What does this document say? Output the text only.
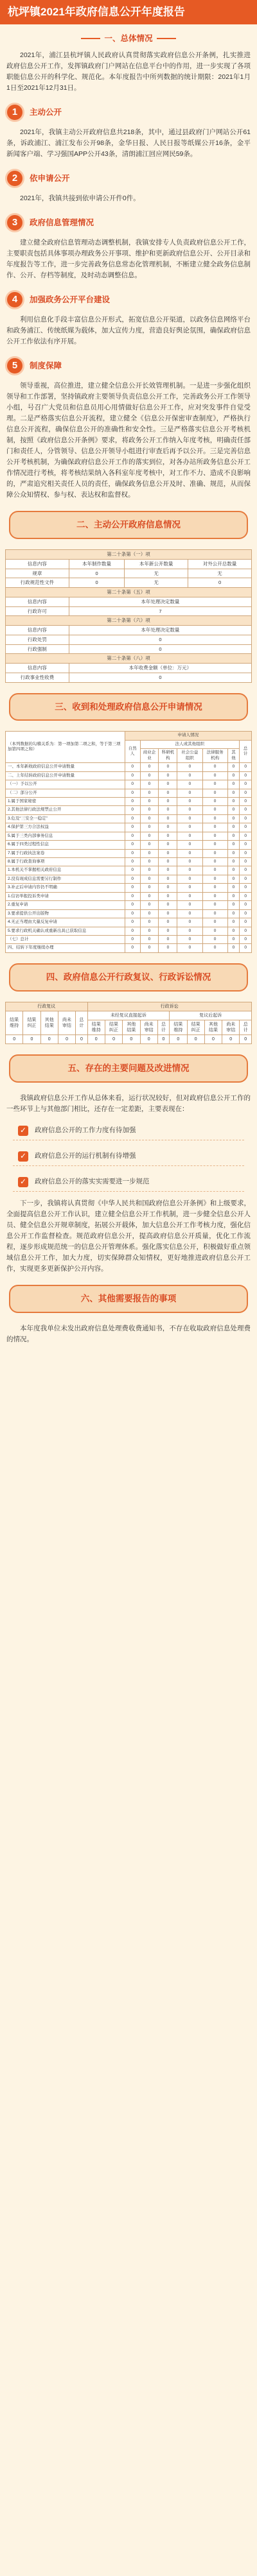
杭坪镇2021年政府信息公开年度报告
一、总体情况

2021年，浦江县杭坪镇人民政府认真贯彻落实政府信息公开条例，扎实推进政府信息公开工作，发挥镇政府门户网站在信息平台中的作用，进一步实现了各项职能信息公开的科学化、规范化。本年度报告中所列数据的统计期限：2021年1月1日至2021年12月31日。

1	主动公开

2021年，我镇主动公开政府信息共218条，其中，通过县政府门户网站公开61条，诉政浦江、浦江发布公开98条，金华日报、人民日报等纸媒公开16条，金平新闻客户端、学习强国APP公开43条，清朗浦江回应网民59条。

2	依申请公开

2021年，我镇共接到依申请公开件0件。

3	政府信息管理情况

建立健全政府信息管理动态调整机制，我镇安排专人负责政府信息公开工作，主要职责包括具体事项办理政务公开事项、维护和更新政府信息公开、公开目录和年度报告等工作，进一步完善政务信息常态化管理机制，不断建立健全政务信息制作、公开、存档等制度，及时动态调整信息。

4	加强政务公开平台建设

利用信息化手段丰富信息公开形式，拓宽信息公开渠道，以政务信息网络平台和政务浦江、传统纸媒为载体，加大宣传力度，营造良好舆论氛围，确保政府信息公开工作依法有序开展。

5	制度保障

领导重视，高位推进，建立健全信息公开长效管理机制。一是进一步强化组织领导和工作部署，坚持镇政府主要领导负责信息公开工作，完善政务公开工作领导小组，号召广大党员和信息员用心用情做好信息公开工作，应对突发事件自觉受理。二是严格落实信息公开流程，建立健全《信息公开保密审查制度》，严格执行信息公开流程，确保信息公开的准确性和安全性。三是严格落实信息公开考核机制，按照《政府信息公开条例》要求，将政务公开工作纳入年度考核，明确责任部门和责任人，分管领导、信息公开领导小组进行审查后再予以公开。三是完善信息公开考核机制，为确保政府信息公开工作的落实到位，对各办站所政务信息公开工作情况进行考核，将考核结果纳入各科室年度考核中，对工作不力、造成不良影响的，严肃追究相关责任人员的责任，确保政务信息公开及时、准确、规范，从而保障公众知情权、参与权、表达权和监督权。

二、主动公开政府信息情况
第二十条第（一）项			
信息内容	本年制作数量	本年新公开数量	对外公开总数量
规章	0	无	无
行政规范性文件	0	无	0
第二十条第（五）项			
信息内容	本年处理决定数量		
行政许可	7		
第二十条第（六）项			
信息内容	本年处理决定数量		
行政处罚	0		
行政强制	0		
第二十条第（八）项			
信息内容	本年收费金额（单位：万元）		
行政事业性收费	0		
三、收到和处理政府信息公开申请情况
（本列数据的勾稽关系为：第一项加第二项之和，等于第三项加第四项之和）	申请人情况						
	自然人	法人或其他组织					总计
		商业企业	科研机构	社会公益组织	法律服务机构	其他	
一、本年新收政府信息公开申请数量	0	0	0	0	0	0	0
二、上年结转政府信息公开申请数量	0	0	0	0	0	0	0
（一）予以公开	0	0	0	0	0	0	0
（二）部分公开	0	0	0	0	0	0	0
1.属于国家秘密	0	0	0	0	0	0	0
2.其他法律行政法规禁止公开	0	0	0	0	0	0	0
3.危及“三安全一稳定”	0	0	0	0	0	0	0
4.保护第三方合法权益	0	0	0	0	0	0	0
5.属于三类内部事务信息	0	0	0	0	0	0	0
6.属于四类过程性信息	0	0	0	0	0	0	0
7.属于行政执法案卷	0	0	0	0	0	0	0
8.属于行政查询事项	0	0	0	0	0	0	0
1.本机关不掌握相关政府信息	0	0	0	0	0	0	0
2.没有现成信息需要另行制作	0	0	0	0	0	0	0
3.补正后申请内容仍不明确	0	0	0	0	0	0	0
1.信访举报投诉类申请	0	0	0	0	0	0	0
2.重复申请	0	0	0	0	0	0	0
3.要求提供公开出版物	0	0	0	0	0	0	0
4.无正当理由大量反复申请	0	0	0	0	0	0	0
5.要求行政机关确认或重新出具已获取信息	0	0	0	0	0	0	0
（七）总计	0	0	0	0	0	0	0
四、结转下年度继续办理	0	0	0	0	0	0	0
四、政府信息公开行政复议、行政诉讼情况
行政复议					行政诉讼									
结果维持	结果纠正	其他结果	尚未审结	总计	未经复议直接起诉					复议后起诉				
					结果维持	结果纠正	其他结果	尚未审结	总计	结果维持	结果纠正	其他结果	尚未审结	总计
0	0	0	0	0	0	0	0	0	0	0	0	0	0	0
五、存在的主要问题及改进情况

我镇政府信息公开工作从总体来看，运行状况较好，但对政府信息公开工作的一些环节上与其他部门相比，还存在一定差距，主要表现在：

✓ 政府信息公开的工作力度有待加强
✓ 政府信息公开的运行机制有待增强
✓ 政府信息公开的落实实需要进一步规范

下一步，我镇将认真贯彻《中华人民共和国政府信息公开条例》和上级要求，全面提高信息公开工作认识，建立健全信息公开工作机制，进一步健全信息公开人员、健全信息公开规章制度，拓展公开载体，加大信息公开工作考核力度，强化信息公开工作监督检查。规范政府信息公开，提高政府信息公开质量，优化工作流程，逐步形成规范统一的信息公开管理体系。强化落实信息公开，积极做好重点领域信息公开工作，加大力度，切实保障群众知情权，更好地推进政府信息公开工作，实现更多更新保护公开内容。

六、其他需要报告的事项

本年度我单位未发出政府信息处理费收费通知书，不存在收取政府信息处理费的情况。
